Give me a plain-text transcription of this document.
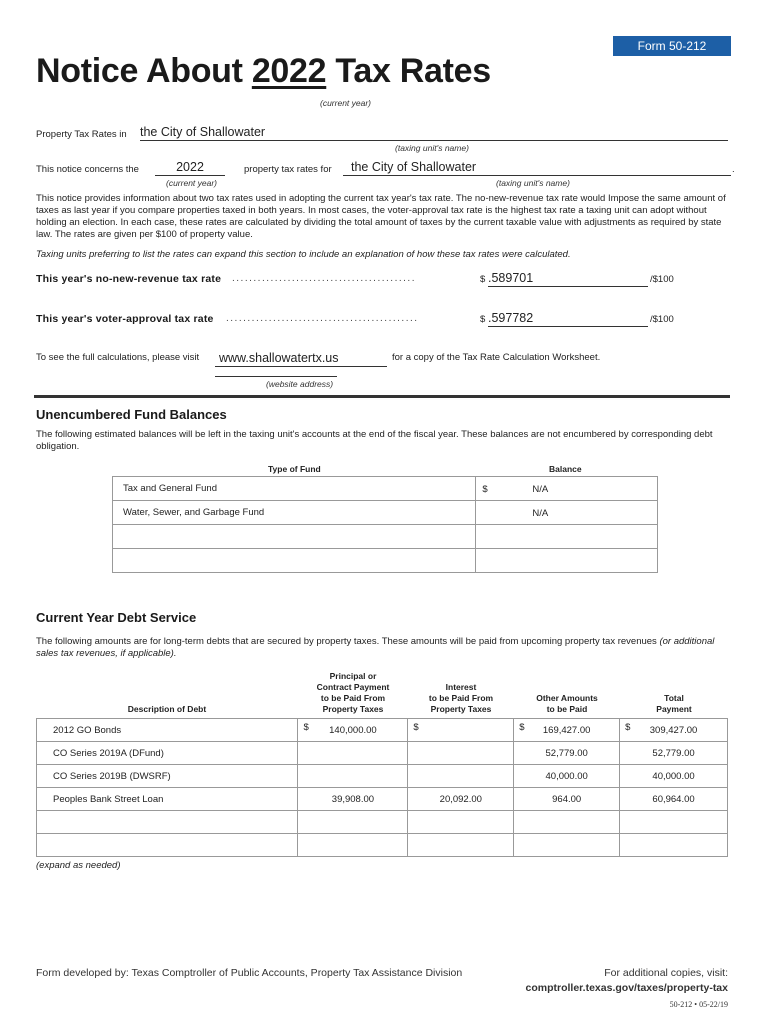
Form 50-212
Notice About 2022 Tax Rates
(current year)
Property Tax Rates in the City of Shallowater
(taxing unit's name)
This notice concerns the	2022
(current year)
property tax rates for	the City of Shallowater	.
(taxing unit's name)
This notice provides information about two tax rates used in adopting the current tax year's tax rate. The no-new-revenue tax rate would Impose the same amount of taxes as last year if you compare properties taxed in both years. In most cases, the voter-approval tax rate is the highest tax rate a taxing unit can adopt without holding an election. In each case, these rates are calculated by dividing the total amount of taxes by the current taxable value with adjustments as required by state law. The rates are given per $100 of property value.
Taxing units preferring to list the rates can expand this section to include an explanation of how these tax rates were calculated.
This year's no-new-revenue tax rate ...........................................	$ .589701	/$100
This year's voter-approval tax rate .............................................	$ .597782	/$100
To see the full calculations, please visit	www.shallowatertx.us	for a copy of the Tax Rate Calculation Worksheet.
(website address)
Unencumbered Fund Balances
The following estimated balances will be left in the taxing unit's accounts at the end of the fiscal year. These balances are not encumbered by corresponding debt obligation.
Type of Fund	Balance
Tax and General Fund	$ N/A

Water, Sewer, and Garbage Fund	N/A

Current Year Debt Service
The following amounts are for long-term debts that are secured by property taxes. These amounts will be paid from upcoming property tax revenues (or additional sales tax revenues, if applicable).
Description of Debt
Principal or
Contract Payment
to be Paid From
Property Taxes
Interest
to be Paid From
Property Taxes
Other Amounts
to be Paid
Total
Payment
2012 GO Bonds	$ 140,000.00	$	$ 169,427.00	$ 309,427.00
CO Series 2019A (DFund)			52,779.00	52,779.00
CO Series 2019B (DWSRF)			40,000.00	40,000.00
Peoples Bank Street Loan	39,908.00	20,092.00	964.00	60,964.00

(expand as needed)
Form developed by: Texas Comptroller of Public Accounts, Property Tax Assistance Division	For additional copies, visit:
comptroller.texas.gov/taxes/property-tax
50-212 • 05-22/19
